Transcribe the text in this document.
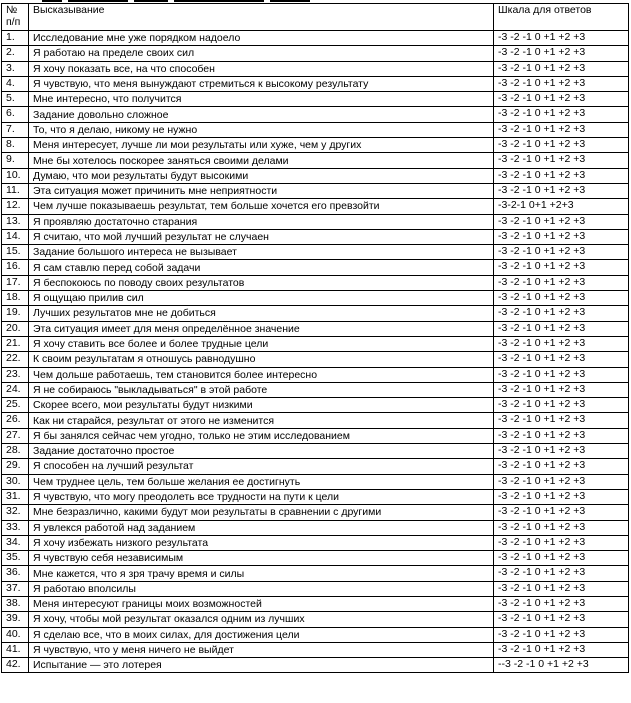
№ п/п	Высказывание	Шкала для ответов
1.	Исследование мне уже порядком надоело	-3 -2 -1 0 +1 +2 +3
2.	Я работаю на пределе своих сил	-3 -2 -1 0 +1 +2 +3
3.	Я хочу показать все, на что способен	-3 -2 -1 0 +1 +2 +3
4.	Я чувствую, что меня вынуждают стремиться к высокому результату	-3 -2 -1 0 +1 +2 +3
5.	Мне интересно, что получится	-3 -2 -1 0 +1 +2 +3
6.	Задание довольно сложное	-3 -2 -1 0 +1 +2 +3
7.	То, что я делаю, никому не нужно	-3 -2 -1 0 +1 +2 +3
8.	Меня интересует, лучше ли мои результаты или хуже, чем у других	-3 -2 -1 0 +1 +2 +3
9.	Мне бы хотелось поскорее заняться своими делами	-3 -2 -1 0 +1 +2 +3
10.	Думаю, что мои результаты будут высокими	-3 -2 -1 0 +1 +2 +3
11.	Эта ситуация может причинить мне неприятности	-3 -2 -1 0 +1 +2 +3
12.	Чем лучше показываешь результат, тем больше хочется его превзойти	-3-2-1 0+1 +2+3
13.	Я проявляю достаточно старания	-3 -2 -1 0 +1 +2 +3
14.	Я считаю, что мой лучший результат не случаен	-3 -2 -1 0 +1 +2 +3
15.	Задание большого интереса не вызывает	-3 -2 -1 0 +1 +2 +3
16.	Я сам ставлю перед собой задачи	-3 -2 -1 0 +1 +2 +3
17.	Я беспокоюсь по поводу своих результатов	-3 -2 -1 0 +1 +2 +3
18.	Я ощущаю прилив сил	-3 -2 -1 0 +1 +2 +3
19.	Лучших результатов мне не добиться	-3 -2 -1 0 +1 +2 +3
20.	Эта ситуация имеет для меня определённое значение	-3 -2 -1 0 +1 +2 +3
21.	Я хочу ставить все более и более трудные цели	-3 -2 -1 0 +1 +2 +3
22.	К своим результатам я отношусь равнодушно	-3 -2 -1 0 +1 +2 +3
23.	Чем дольше работаешь, тем становится более интересно	-3 -2 -1 0 +1 +2 +3
24.	Я не собираюсь "выкладываться" в этой работе	-3 -2 -1 0 +1 +2 +3
25.	Скорее всего, мои результаты будут низкими	-3 -2 -1 0 +1 +2 +3
26.	Как ни старайся, результат от этого не изменится	-3 -2 -1 0 +1 +2 +3
27.	Я бы занялся сейчас чем угодно, только не этим исследованием	-3 -2 -1 0 +1 +2 +3
28.	Задание достаточно простое	-3 -2 -1 0 +1 +2 +3
29.	Я способен на лучший результат	-3 -2 -1 0 +1 +2 +3
30.	Чем труднее цель, тем больше желания ее достигнуть	-3 -2 -1 0 +1 +2 +3
31.	Я чувствую, что могу преодолеть все трудности на пути к цели	-3 -2 -1 0 +1 +2 +3
32.	Мне безразлично, какими будут мои результаты в сравнении с другими	-3 -2 -1 0 +1 +2 +3
33.	Я увлекся работой над заданием	-3 -2 -1 0 +1 +2 +3
34.	Я хочу избежать низкого результата	-3 -2 -1 0 +1 +2 +3
35.	Я чувствую себя независимым	-3 -2 -1 0 +1 +2 +3
36.	Мне кажется, что я зря трачу время и силы	-3 -2 -1 0 +1 +2 +3
37.	Я работаю вполсилы	-3 -2 -1 0 +1 +2 +3
38.	Меня интересуют границы моих возможностей	-3 -2 -1 0 +1 +2 +3
39.	Я хочу, чтобы мой результат оказался одним из лучших	-3 -2 -1 0 +1 +2 +3
40.	Я сделаю все, что в моих силах, для достижения цели	-3 -2 -1 0 +1 +2 +3
41.	Я чувствую, что у меня ничего не выйдет	-3 -2 -1 0 +1 +2 +3
42.	Испытание — это лотерея	--3 -2 -1 0 +1 +2 +3
